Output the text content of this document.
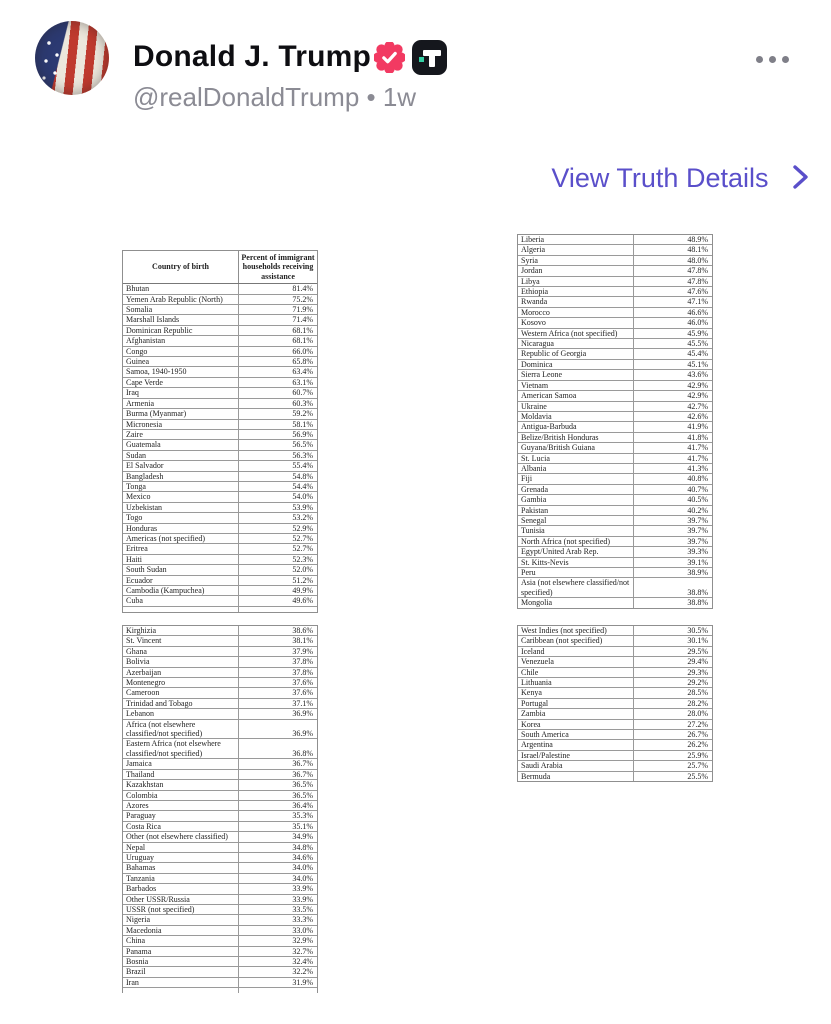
Donald J. Trump
@realDonaldTrump • 1w
View Truth Details
Country of birth
Percent of immigrant households receiving assistance
Bhutan	81.4%
Yemen Arab Republic (North)	75.2%
Somalia	71.9%
Marshall Islands	71.4%
Dominican Republic	68.1%
Afghanistan	68.1%
Congo	66.0%
Guinea	65.8%
Samoa, 1940-1950	63.4%
Cape Verde	63.1%
Iraq	60.7%
Armenia	60.3%
Burma (Myanmar)	59.2%
Micronesia	58.1%
Zaire	56.9%
Guatemala	56.5%
Sudan	56.3%
El Salvador	55.4%
Bangladesh	54.8%
Tonga	54.4%
Mexico	54.0%
Uzbekistan	53.9%
Togo	53.2%
Honduras	52.9%
Americas (not specified)	52.7%
Eritrea	52.7%
Haiti	52.3%
South Sudan	52.0%
Ecuador	51.2%
Cambodia (Kampuchea)	49.9%
Cuba	49.6%
Liberia	48.9%
Algeria	48.1%
Syria	48.0%
Jordan	47.8%
Libya	47.8%
Ethiopia	47.6%
Rwanda	47.1%
Morocco	46.6%
Kosovo	46.0%
Western Africa (not specified)	45.9%
Nicaragua	45.5%
Republic of Georgia	45.4%
Dominica	45.1%
Sierra Leone	43.6%
Vietnam	42.9%
American Samoa	42.9%
Ukraine	42.7%
Moldavia	42.6%
Antigua-Barbuda	41.9%
Belize/British Honduras	41.8%
Guyana/British Guiana	41.7%
St. Lucia	41.7%
Albania	41.3%
Fiji	40.8%
Grenada	40.7%
Gambia	40.5%
Pakistan	40.2%
Senegal	39.7%
Tunisia	39.7%
North Africa (not specified)	39.7%
Egypt/United Arab Rep.	39.3%
St. Kitts-Nevis	39.1%
Peru	38.9%
Asia (not elsewhere classified/not specified)	38.8%
Mongolia	38.8%
Kirghizia	38.6%
St. Vincent	38.1%
Ghana	37.9%
Bolivia	37.8%
Azerbaijan	37.8%
Montenegro	37.6%
Cameroon	37.6%
Trinidad and Tobago	37.1%
Lebanon	36.9%
Africa (not elsewhere classified/not specified)	36.9%
Eastern Africa (not elsewhere classified/not specified)	36.8%
Jamaica	36.7%
Thailand	36.7%
Kazakhstan	36.5%
Colombia	36.5%
Azores	36.4%
Paraguay	35.3%
Costa Rica	35.1%
Other (not elsewhere classified)	34.9%
Nepal	34.8%
Uruguay	34.6%
Bahamas	34.0%
Tanzania	34.0%
Barbados	33.9%
Other USSR/Russia	33.9%
USSR (not specified)	33.5%
Nigeria	33.3%
Macedonia	33.0%
China	32.9%
Panama	32.7%
Bosnia	32.4%
Brazil	32.2%
Iran	31.9%
West Indies (not specified)	30.5%
Caribbean (not specified)	30.1%
Iceland	29.5%
Venezuela	29.4%
Chile	29.3%
Lithuania	29.2%
Kenya	28.5%
Portugal	28.2%
Zambia	28.0%
Korea	27.2%
South America	26.7%
Argentina	26.2%
Israel/Palestine	25.9%
Saudi Arabia	25.7%
Bermuda	25.5%
